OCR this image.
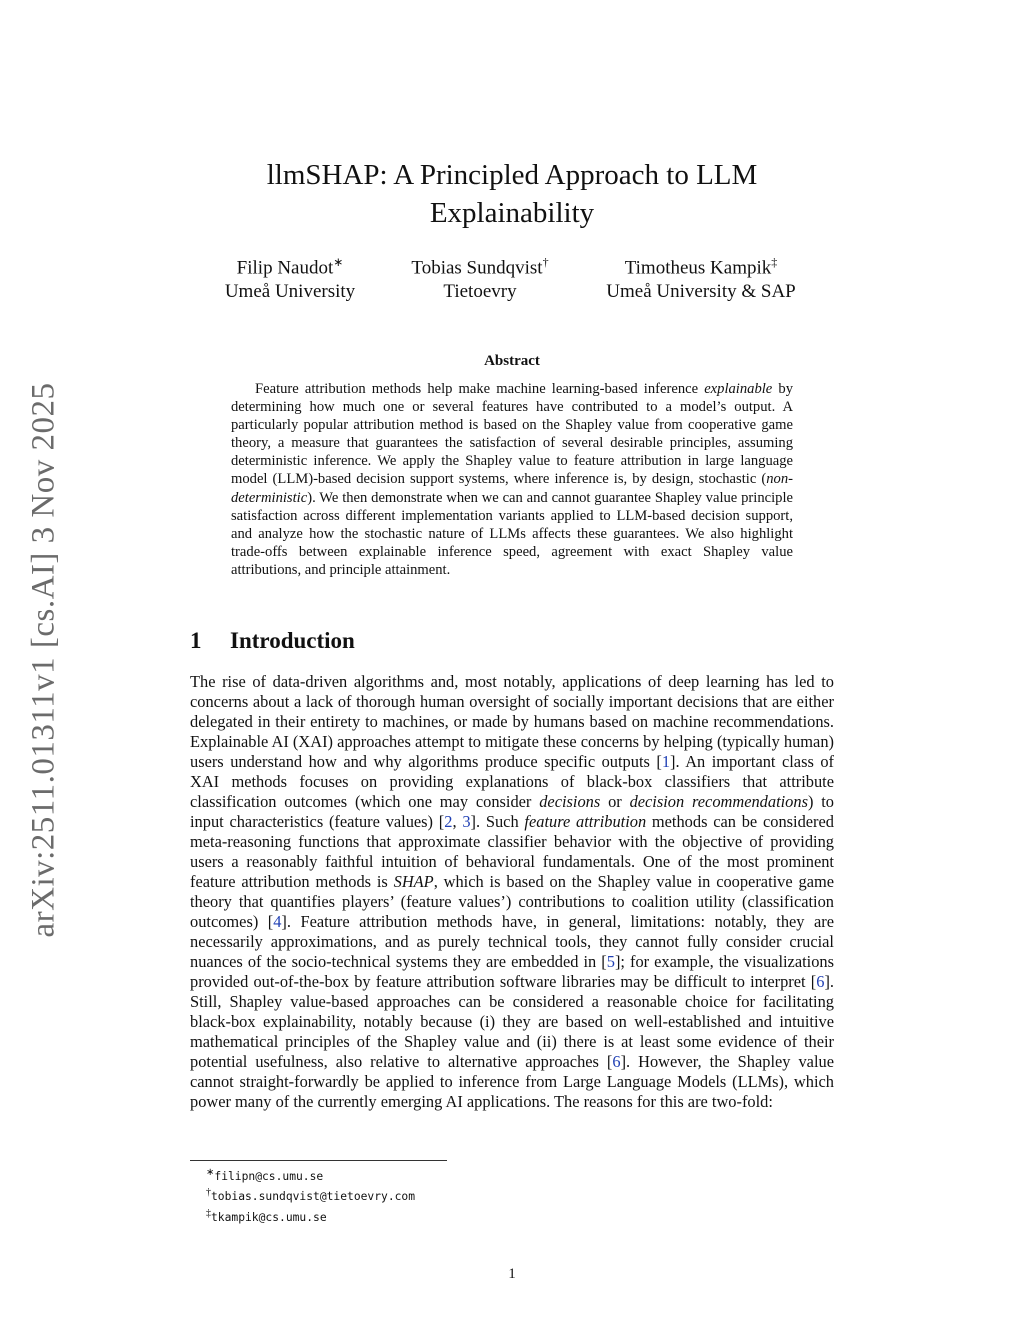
arXiv:2511.01311v1 [cs.AI] 3 Nov 2025
llmSHAP: A Principled Approach to LLM
Explainability
Filip Naudot∗
Umeå University
Tobias Sundqvist†
Tietoevry
Timotheus Kampik‡
Umeå University & SAP
Abstract
Feature attribution methods help make machine learning-based inference explainable by determining how much one or several features have contributed to a model’s output. A particularly popular attribution method is based on the Shapley value from cooperative game theory, a measure that guarantees the satisfaction of several desirable principles, assuming deterministic inference. We apply the Shapley value to feature attribution in large language model (LLM)-based decision support systems, where inference is, by design, stochastic (non-deterministic). We then demonstrate when we can and cannot guarantee Shapley value principle satisfaction across different implementation variants applied to LLM-based decision support, and analyze how the stochastic nature of LLMs affects these guarantees. We also highlight trade-offs between explainable inference speed, agreement with exact Shapley value attributions, and principle attainment.
1 Introduction
The rise of data-driven algorithms and, most notably, applications of deep learning has led to concerns about a lack of thorough human oversight of socially important decisions that are either delegated in their entirety to machines, or made by humans based on machine recommendations. Explainable AI (XAI) approaches attempt to mitigate these concerns by helping (typically human) users understand how and why algorithms produce specific outputs [1]. An important class of XAI methods focuses on providing explanations of black-box classifiers that attribute classification outcomes (which one may consider decisions or decision recommendations) to input characteristics (feature values) [2, 3]. Such feature attribution methods can be considered meta-reasoning functions that approximate classifier behavior with the objective of providing users a reasonably faithful intuition of behavioral fundamentals. One of the most prominent feature attribution methods is SHAP, which is based on the Shapley value in cooperative game theory that quantifies players’ (feature values’) contributions to coalition utility (classification outcomes) [4]. Feature attribution methods have, in general, limitations: notably, they are necessarily approximations, and as purely technical tools, they cannot fully consider crucial nuances of the socio-technical systems they are embedded in [5]; for example, the visualizations provided out-of-the-box by feature attribution software libraries may be difficult to interpret [6]. Still, Shapley value-based approaches can be considered a reasonable choice for facilitating black-box explainability, notably because (i) they are based on well-established and intuitive mathematical principles of the Shapley value and (ii) there is at least some evidence of their potential usefulness, also relative to alternative approaches [6]. However, the Shapley value cannot straight-forwardly be applied to inference from Large Language Models (LLMs), which power many of the currently emerging AI applications. The reasons for this are two-fold:
∗filipn@cs.umu.se
†tobias.sundqvist@tietoevry.com
‡tkampik@cs.umu.se
1
